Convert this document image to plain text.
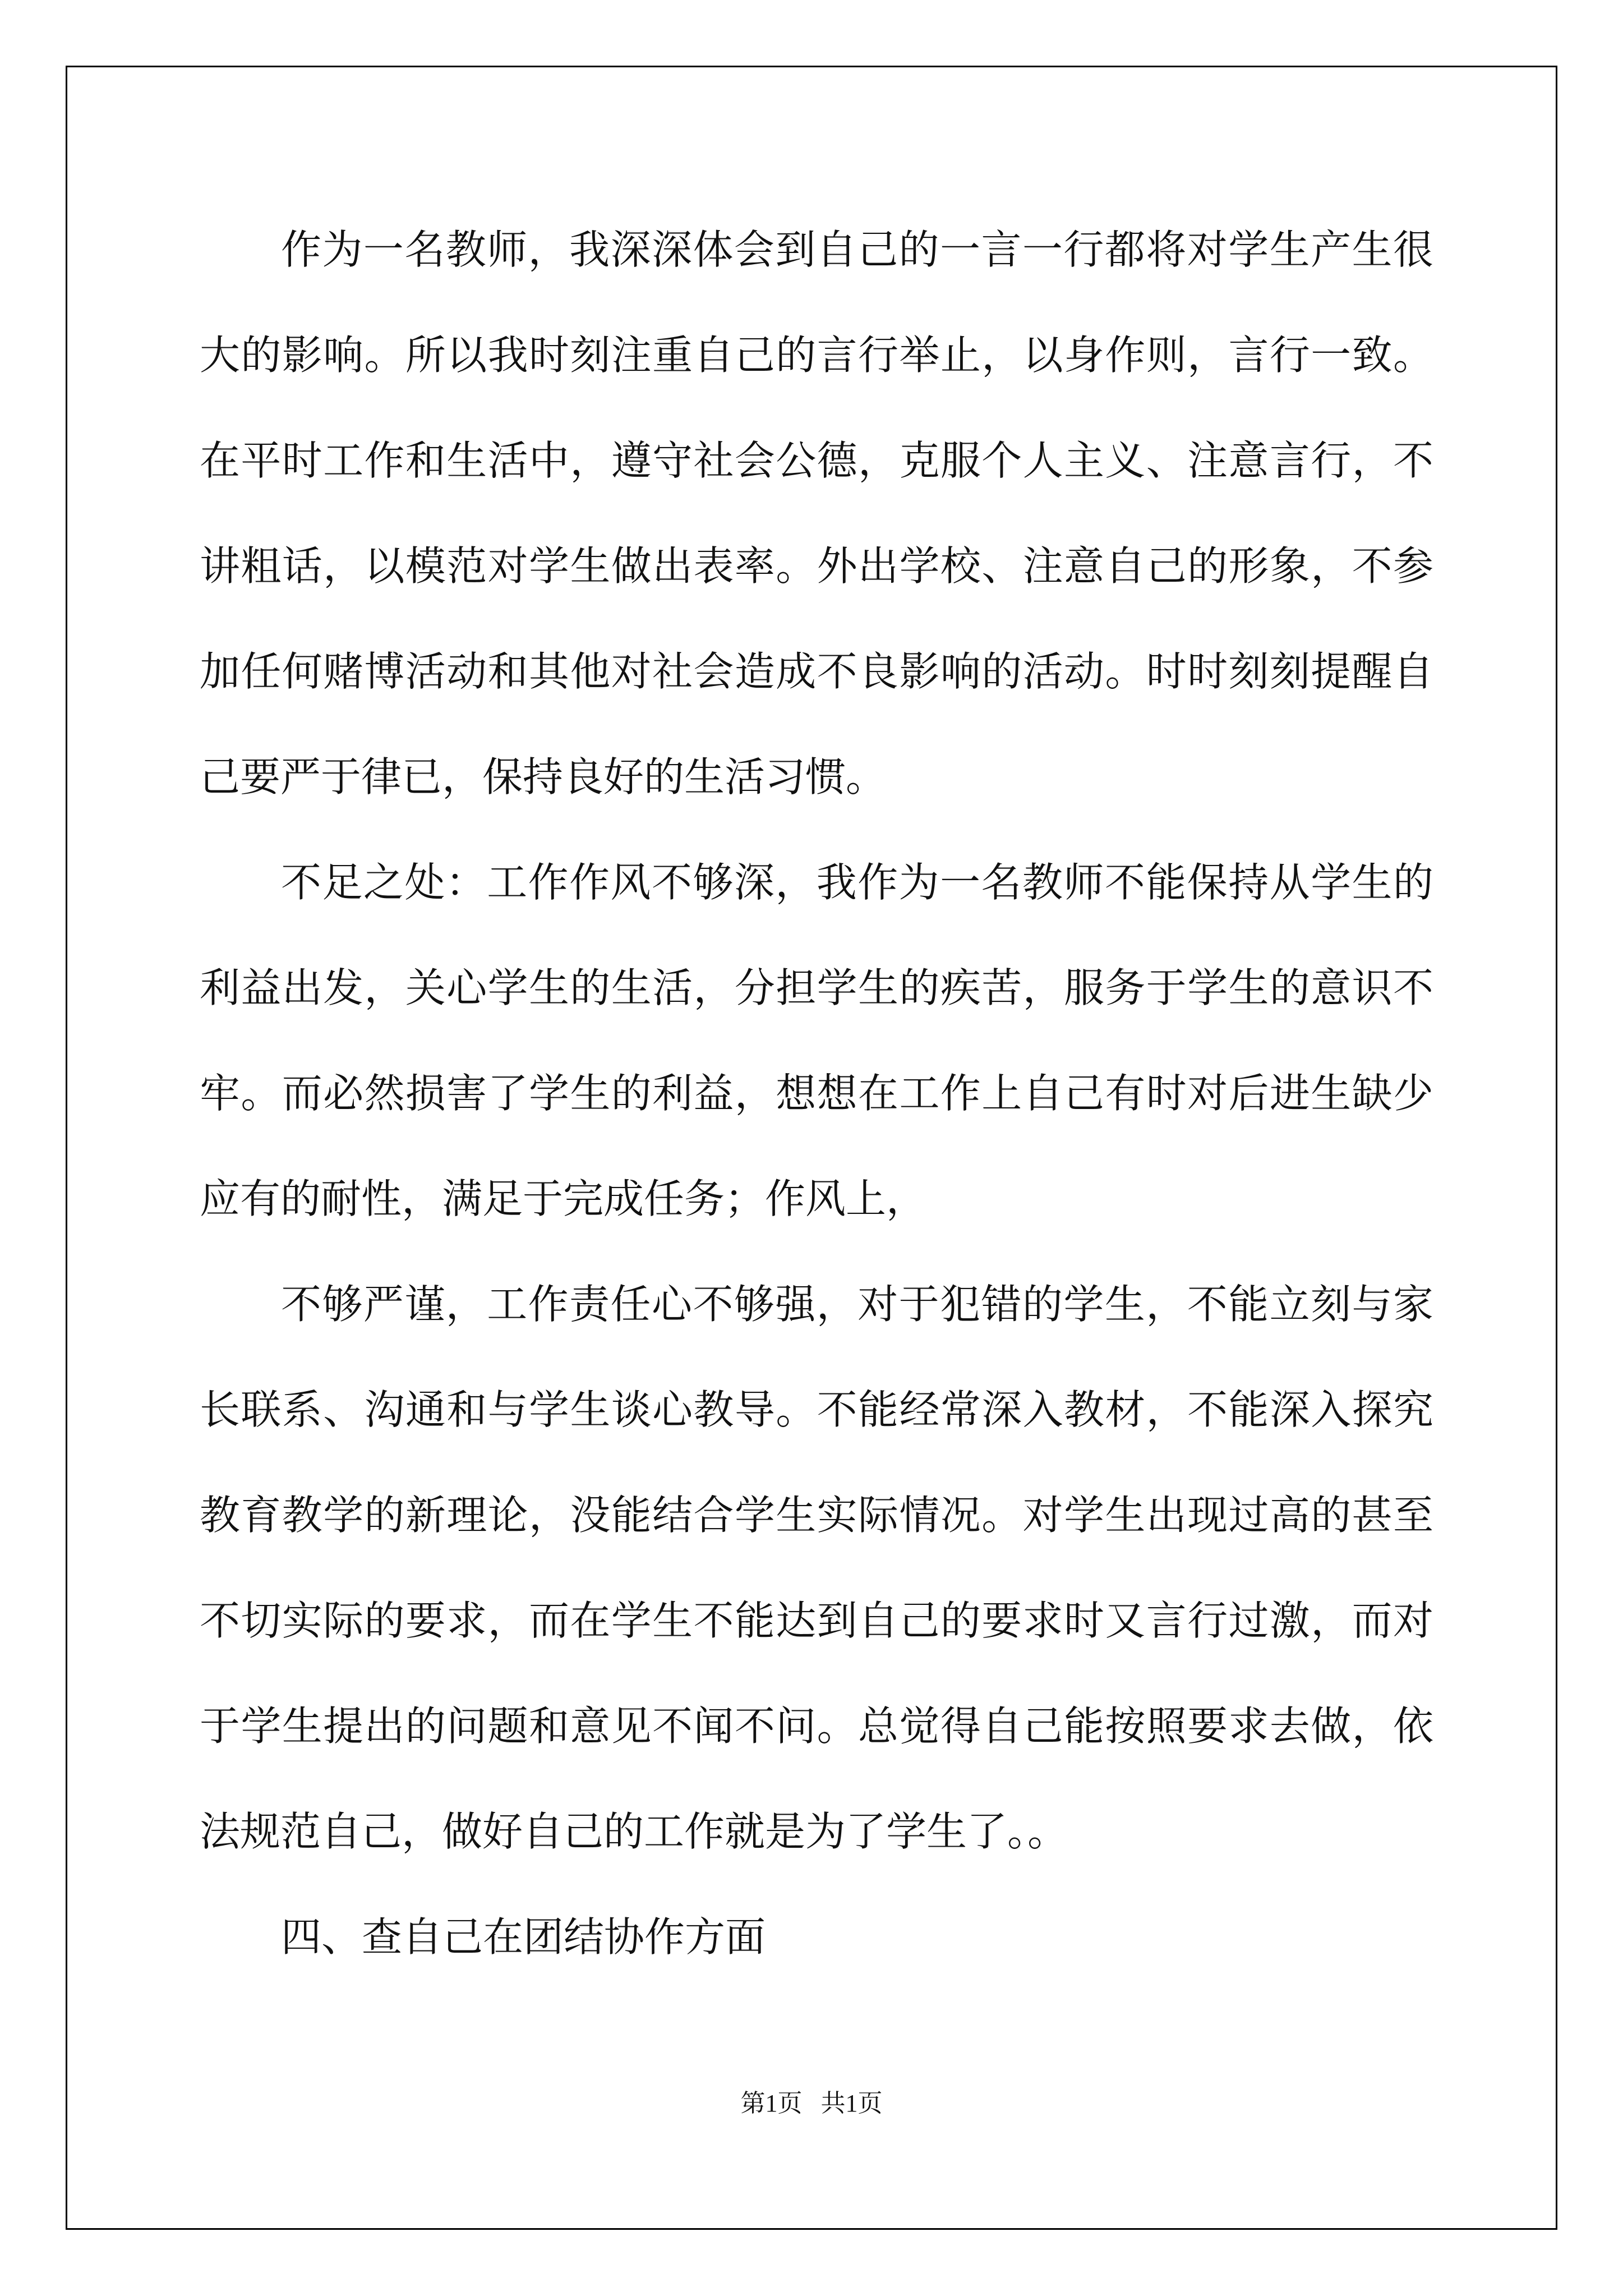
作为一名教师，我深深体会到自己的一言一行都将对学生产生很
大的影响。所以我时刻注重自己的言行举止，以身作则，言行一致。
在平时工作和生活中，遵守社会公德，克服个人主义、注意言行，不
讲粗话，以模范对学生做出表率。外出学校、注意自己的形象，不参
加任何赌博活动和其他对社会造成不良影响的活动。时时刻刻提醒自
己要严于律已，保持良好的生活习惯。
不足之处：工作作风不够深，我作为一名教师不能保持从学生的
利益出发，关心学生的生活，分担学生的疾苦，服务于学生的意识不
牢。而必然损害了学生的利益，想想在工作上自己有时对后进生缺少
应有的耐性，满足于完成任务；作风上，
不够严谨，工作责任心不够强，对于犯错的学生，不能立刻与家
长联系、沟通和与学生谈心教导。不能经常深入教材，不能深入探究
教育教学的新理论，没能结合学生实际情况。对学生出现过高的甚至
不切实际的要求，而在学生不能达到自己的要求时又言行过激，而对
于学生提出的问题和意见不闻不问。总觉得自己能按照要求去做，依
法规范自己，做好自己的工作就是为了学生了。。
四、查自己在团结协作方面
第1页   共1页
